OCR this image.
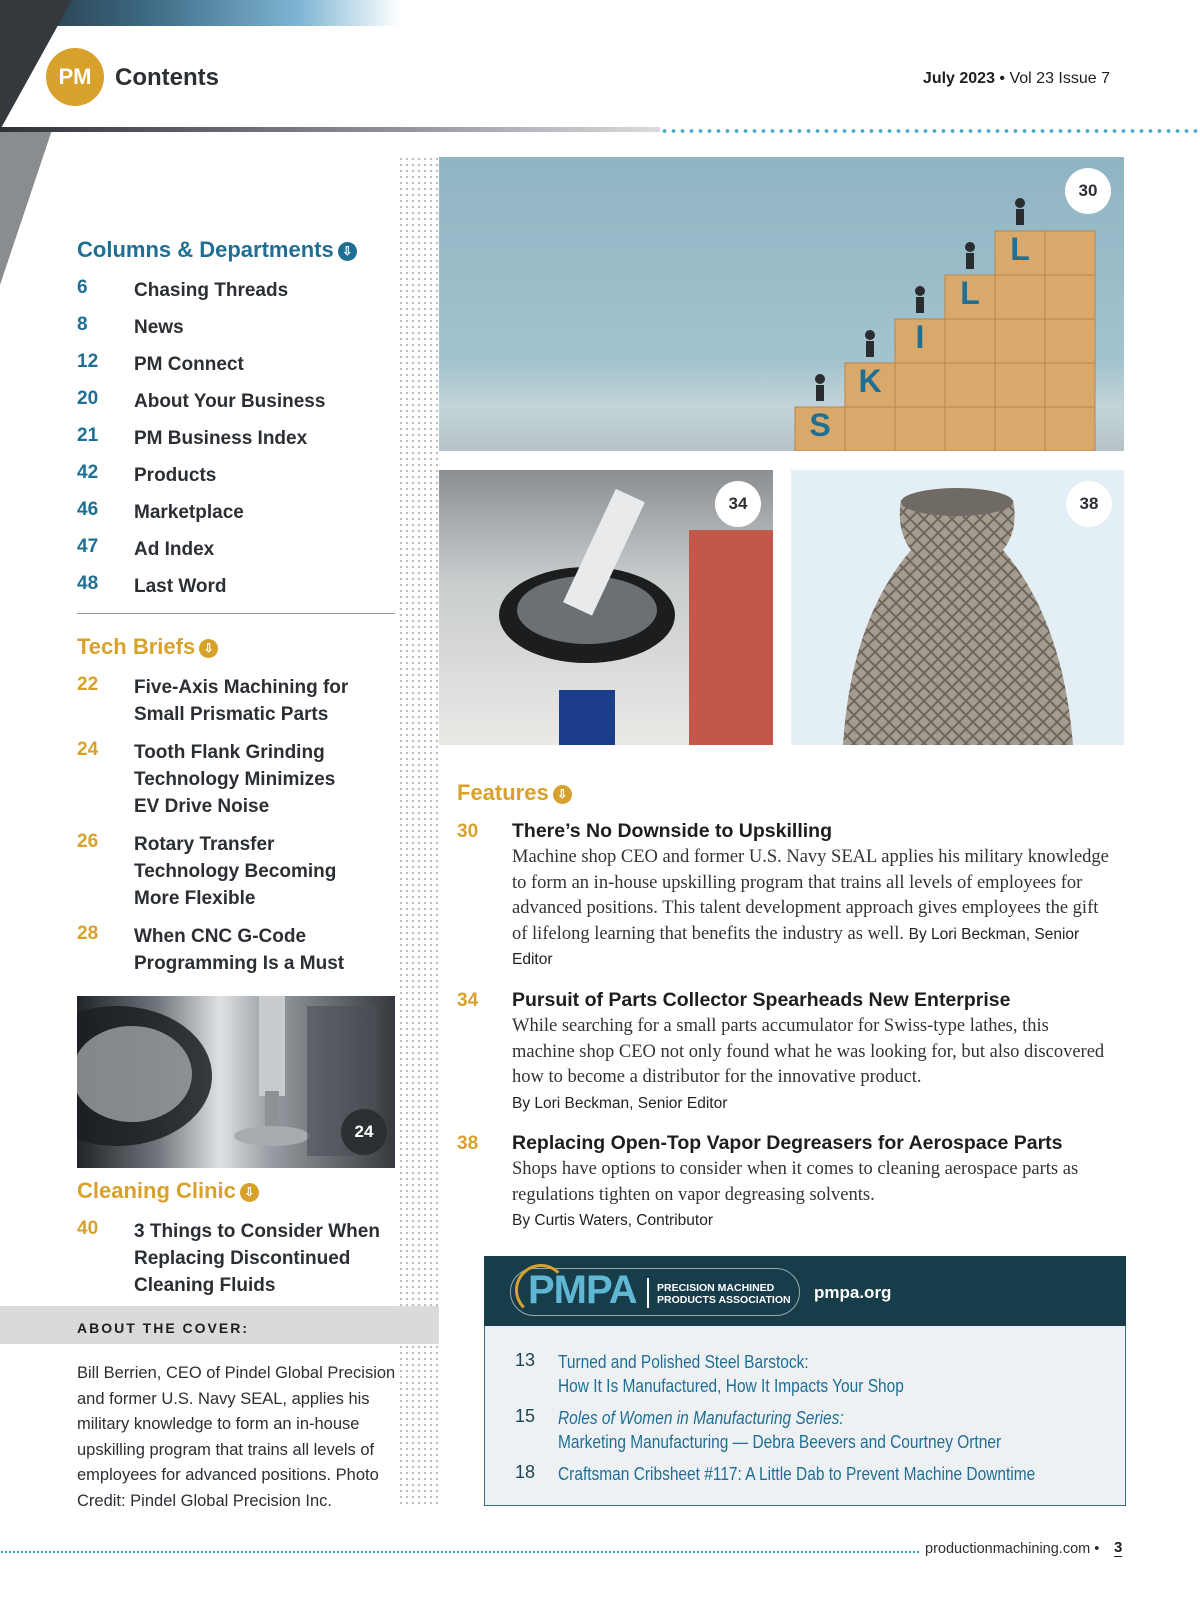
PM Contents	July 2023 • Vol 23 Issue 7
Columns & Departments ⇩
6 Chasing Threads
8 News
12 PM Connect
20 About Your Business
21 PM Business Index
42 Products
46 Marketplace
47 Ad Index
48 Last Word
Tech Briefs ⇩
22 Five-Axis Machining for
Small Prismatic Parts
24 Tooth Flank Grinding
Technology Minimizes
EV Drive Noise
26 Rotary Transfer
Technology Becoming
More Flexible
28 When CNC G-Code
Programming Is a Must
24
Cleaning Clinic ⇩
40 3 Things to Consider When
Replacing Discontinued
Cleaning Fluids
ABOUT THE COVER:
Bill Berrien, CEO of Pindel Global Precision and former U.S. Navy SEAL, applies his military knowledge to form an in-house upskilling program that trains all levels of employees for advanced positions. Photo Credit: Pindel Global Precision Inc.
S
K
I
L
L
30
34	38
Features ⇩
30 There’s No Downside to Upskilling
Machine shop CEO and former U.S. Navy SEAL applies his military knowledge to form an in-house upskilling program that trains all levels of employees for advanced positions. This talent development approach gives employees the gift of lifelong learning that benefits the industry as well. By Lori Beckman, Senior Editor
34 Pursuit of Parts Collector Spearheads New Enterprise
While searching for a small parts accumulator for Swiss-type lathes, this machine shop CEO not only found what he was looking for, but also discovered how to become a distributor for the innovative product.
By Lori Beckman, Senior Editor
38 Replacing Open-Top Vapor Degreasers for Aerospace Parts
Shops have options to consider when it comes to cleaning aerospace parts as regulations tighten on vapor degreasing solvents.
By Curtis Waters, Contributor
PMPA PRECISION MACHINED
PRODUCTS ASSOCIATION	pmpa.org
13 Turned and Polished Steel Barstock:
How It Is Manufactured, How It Impacts Your Shop
15 Roles of Women in Manufacturing Series:
Marketing Manufacturing — Debra Beevers and Courtney Ortner
18 Craftsman Cribsheet #117: A Little Dab to Prevent Machine Downtime
productionmachining.com • 3
